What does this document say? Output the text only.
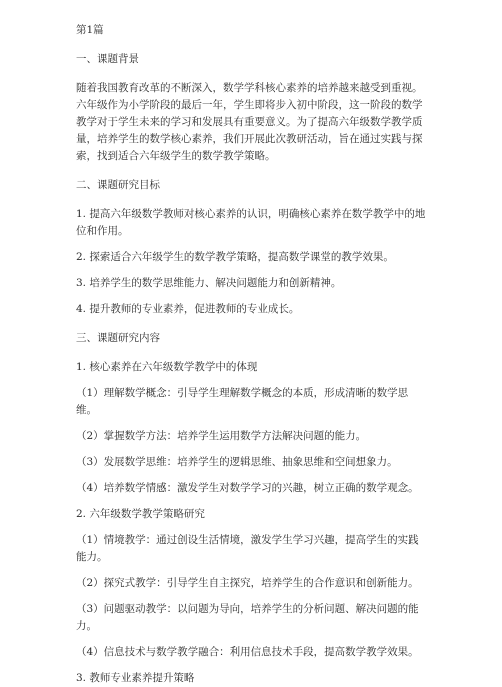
第1篇

一、课题背景

随着我国教育改革的不断深入，数学学科核心素养的培养越来越受到重视。六年级作为小学阶段的最后一年，学生即将步入初中阶段，这一阶段的数学教学对于学生未来的学习和发展具有重要意义。为了提高六年级数学教学质量，培养学生的数学核心素养，我们开展此次教研活动，旨在通过实践与探索，找到适合六年级学生的数学教学策略。

二、课题研究目标

1. 提高六年级数学教师对核心素养的认识，明确核心素养在数学教学中的地位和作用。

2. 探索适合六年级学生的数学教学策略，提高数学课堂的教学效果。

3. 培养学生的数学思维能力、解决问题能力和创新精神。

4. 提升教师的专业素养，促进教师的专业成长。

三、课题研究内容

1. 核心素养在六年级数学教学中的体现

（1）理解数学概念：引导学生理解数学概念的本质，形成清晰的数学思维。

（2）掌握数学方法：培养学生运用数学方法解决问题的能力。

（3）发展数学思维：培养学生的逻辑思维、抽象思维和空间想象力。

（4）培养数学情感：激发学生对数学学习的兴趣，树立正确的数学观念。

2. 六年级数学教学策略研究

（1）情境教学：通过创设生活情境，激发学生学习兴趣，提高学生的实践能力。

（2）探究式教学：引导学生自主探究，培养学生的合作意识和创新能力。

（3）问题驱动教学：以问题为导向，培养学生的分析问题、解决问题的能力。

（4）信息技术与数学教学融合：利用信息技术手段，提高数学教学效果。

3. 教师专业素养提升策略
